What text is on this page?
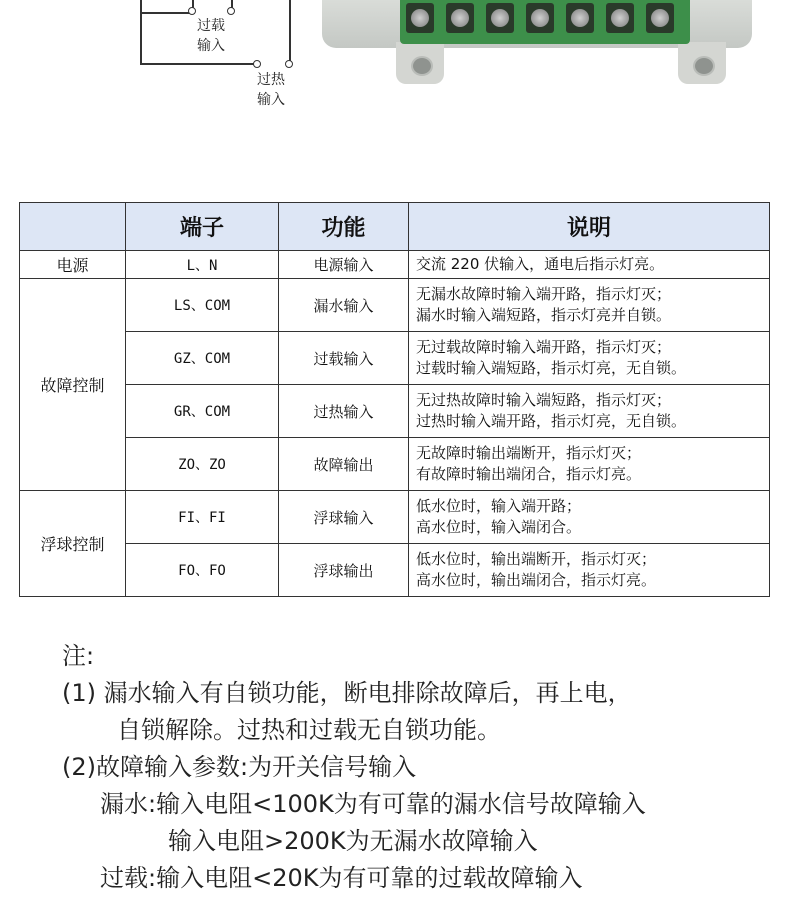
过载
输入
过热
输入
	端子	功能	说明
电源	L、N	电源输入	交流 220 伏输入，通电后指示灯亮。

故障控制	LS、COM	漏水输入	无漏水故障时输入端开路，指示灯灭；
漏水时输入端短路，指示灯亮并自锁。

	GZ、COM	过载输入	无过载故障时输入端开路，指示灯灭；
过载时输入端短路，指示灯亮，无自锁。

	GR、COM	过热输入	无过热故障时输入端短路，指示灯灭；
过热时输入端开路，指示灯亮，无自锁。

	ZO、ZO	故障输出	无故障时输出端断开，指示灯灭；
有故障时输出端闭合，指示灯亮。

浮球控制	FI、FI	浮球输入	低水位时，输入端开路；
高水位时，输入端闭合。

	FO、FO	浮球输出	低水位时，输出端断开，指示灯灭；
高水位时，输出端闭合，指示灯亮。
注:
(1) 漏水输入有自锁功能，断电排除故障后，再上电，
自锁解除。过热和过载无自锁功能。
(2)故障输入参数:为开关信号输入
漏水:输入电阻<100K为有可靠的漏水信号故障输入
输入电阻>200K为无漏水故障输入
过载:输入电阻<20K为有可靠的过载故障输入
